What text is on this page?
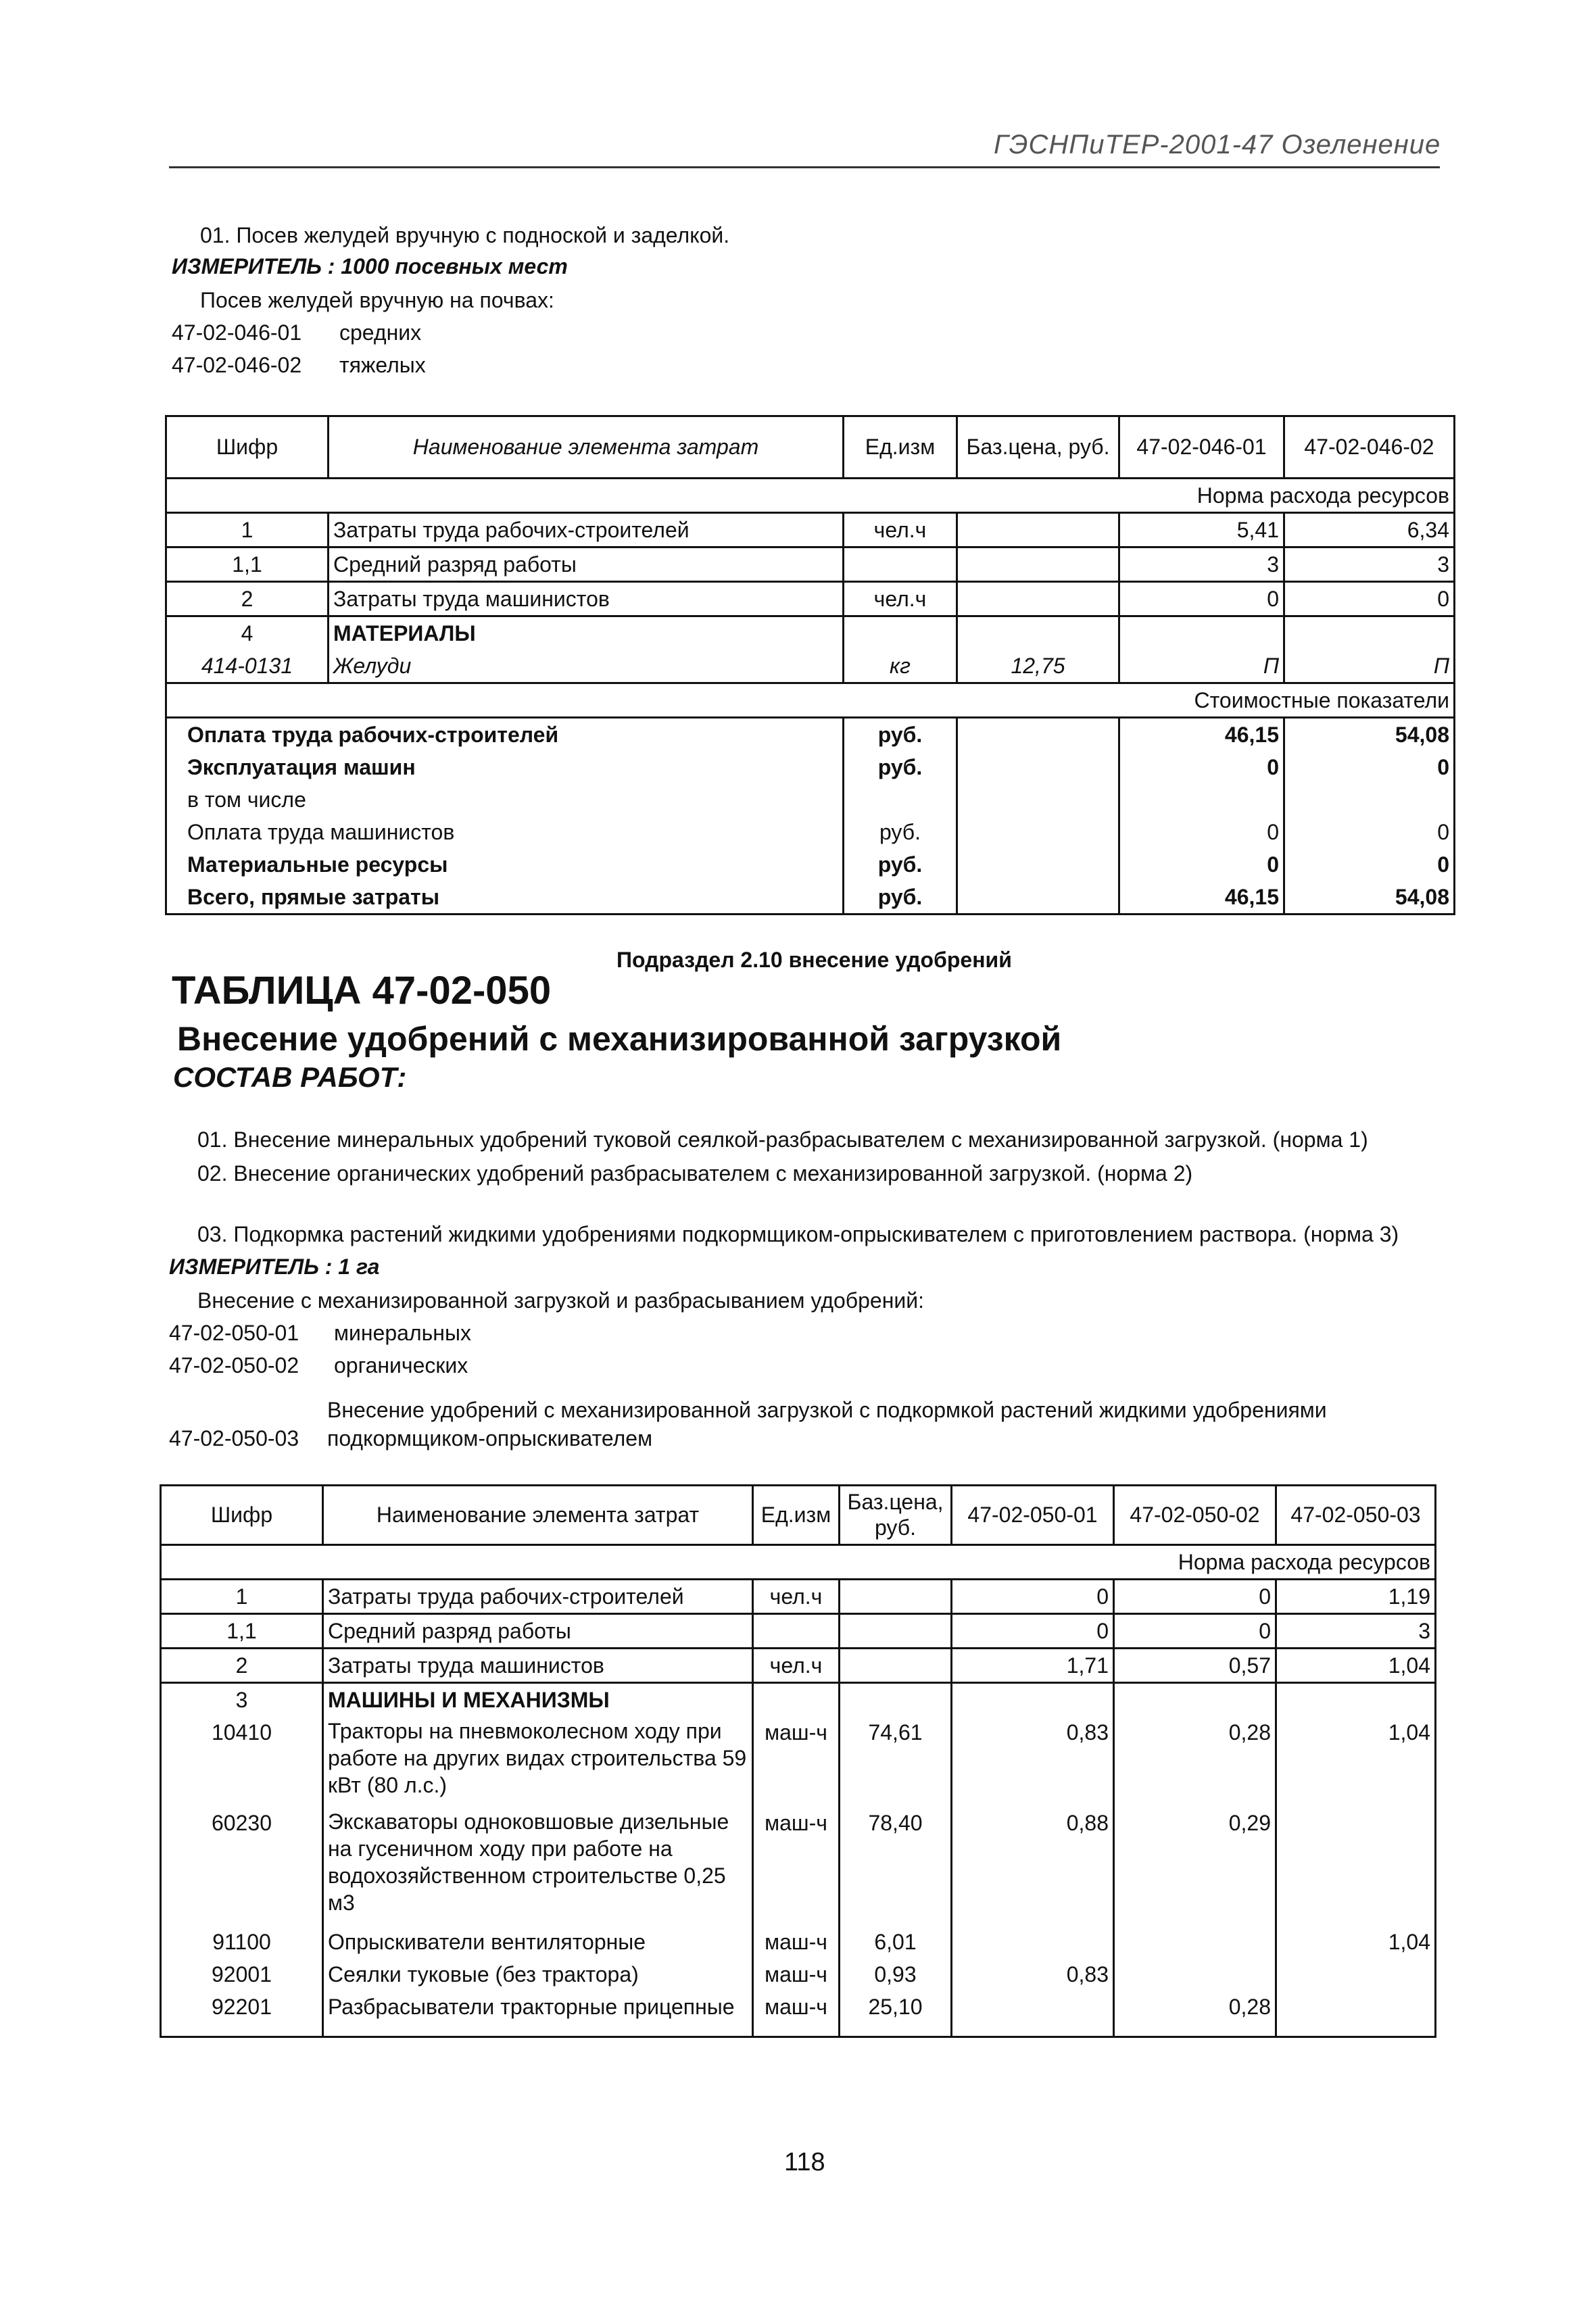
ГЭСНПиТЕР-2001-47 Озеленение
01. Посев желудей вручную с подноской и заделкой.
ИЗМЕРИТЕЛЬ : 1000 посевных мест
Посев желудей вручную на почвах:
47-02-046-01 средних
47-02-046-02 тяжелых
Шифр	Наименование элемента затрат	Ед.изм	Баз.цена, руб.	47-02-046-01	47-02-046-02
Норма расхода ресурсов					
1	Затраты труда рабочих-строителей	чел.ч		5,41	6,34
1,1	Средний разряд работы			3	3
2	Затраты труда машинистов	чел.ч		0	0
4	МАТЕРИАЛЫ				
414-0131	Желуди	кг	12,75	П	П
Стоимостные показатели					
Оплата труда рабочих-строителей		руб.		46,15	54,08
Эксплуатация машин		руб.		0	0
в том числе					
Оплата труда машинистов		руб.		0	0
Материальные ресурсы		руб.		0	0
Всего, прямые затраты		руб.		46,15	54,08
Подраздел 2.10 внесение удобрений
ТАБЛИЦА 47-02-050
Внесение удобрений с механизированной загрузкой
СОСТАВ РАБОТ:
01. Внесение минеральных удобрений туковой сеялкой-разбрасывателем с механизированной загрузкой. (норма 1)
02. Внесение органических удобрений разбрасывателем с механизированной загрузкой. (норма 2)
03. Подкормка растений жидкими удобрениями подкормщиком-опрыскивателем с приготовлением раствора. (норма 3)
ИЗМЕРИТЕЛЬ : 1 га
Внесение с механизированной загрузкой и разбрасыванием удобрений:
47-02-050-01 минеральных
47-02-050-02 органических
Внесение удобрений с механизированной загрузкой с подкормкой растений жидкими удобрениями
47-02-050-03 подкормщиком-опрыскивателем
Шифр	Наименование элемента затрат	Ед.изм	Баз.цена, руб.	47-02-050-01	47-02-050-02	47-02-050-03
Норма расхода ресурсов						
1	Затраты труда рабочих-строителей	чел.ч		0	0	1,19
1,1	Средний разряд работы			0	0	3
2	Затраты труда машинистов	чел.ч		1,71	0,57	1,04
3	МАШИНЫ И МЕХАНИЗМЫ					
10410	Тракторы на пневмоколесном ходу при работе на других видах строительства 59 кВт (80 л.с.)	маш-ч	74,61	0,83	0,28	1,04
60230	Экскаваторы одноковшовые дизельные на гусеничном ходу при работе на водохозяйственном строительстве 0,25 м3	маш-ч	78,40	0,88	0,29	
91100	Опрыскиватели вентиляторные	маш-ч	6,01			1,04
92001	Сеялки туковые (без трактора)	маш-ч	0,93	0,83		
92201	Разбрасыватели тракторные прицепные	маш-ч	25,10		0,28	
118
